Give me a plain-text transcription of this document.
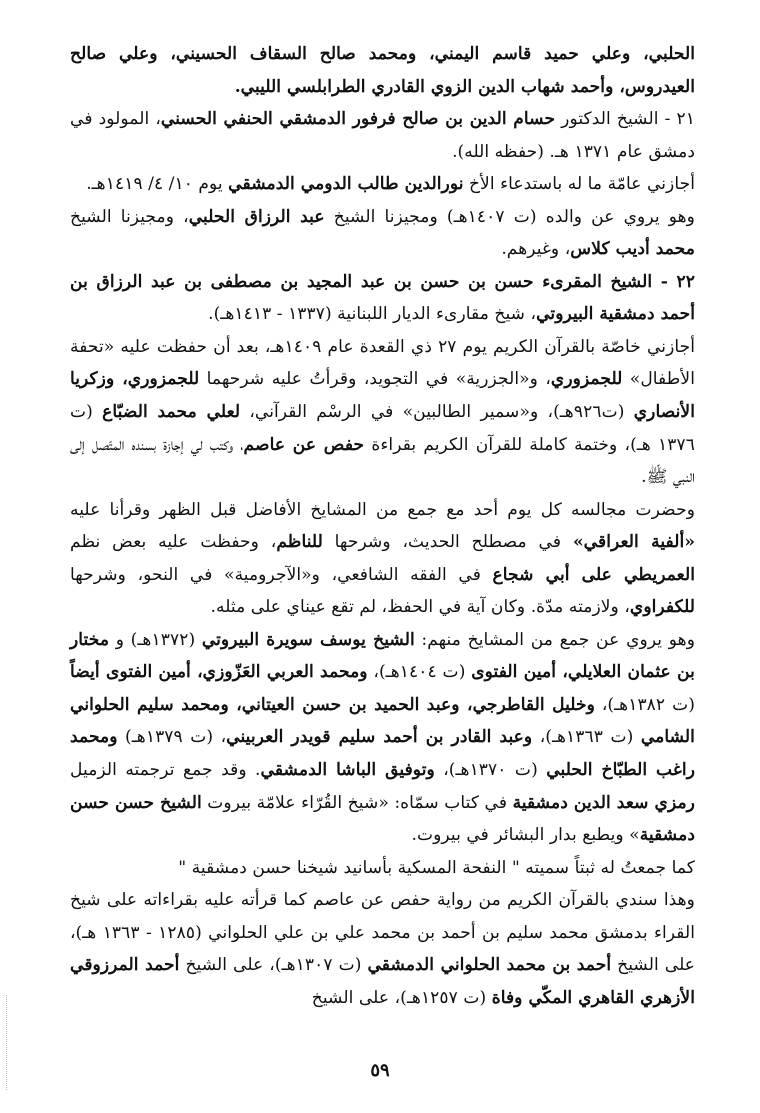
الحلبي، وعلي حميد قاسم اليمني، ومحمد صالح السقاف الحسيني، وعلي صالح العيدروس، وأحمد شهاب الدين الزوي القادري الطرابلسي الليبي.

٢١ - الشيخ الدكتور حسام الدين بن صالح فرفور الدمشقي الحنفي الحسني، المولود في دمشق عام ١٣٧١ هـ. (حفظه الله).

أجازني عامّة ما له باستدعاء الأخ نورالدين طالب الدومي الدمشقي يوم ١٠/ ٤/ ١٤١٩هـ.

وهو يروي عن والده (ت ١٤٠٧هـ) ومجيزنا الشيخ عبد الرزاق الحلبي، ومجيزنا الشيخ محمد أديب كلاس، وغيرهم.

٢٢ - الشيخ المقرىء حسن بن حسن بن عبد المجيد بن مصطفى بن عبد الرزاق بن أحمد دمشقية البيروتي، شيخ مقارىء الديار اللبنانية (١٣٣٧ - ١٤١٣هـ).

أجازني خاصّة بالقرآن الكريم يوم ٢٧ ذي القعدة عام ١٤٠٩هـ، بعد أن حفظت عليه «تحفة الأطفال» للجمزوري، و«الجزرية» في التجويد، وقرأتُ عليه شرحهما للجمزوري، وزكريا الأنصاري (ت٩٢٦هـ)، و«سمير الطالبين» في الرسْم القرآني، لعلي محمد الضبّاع (ت ١٣٧٦ هـ)، وختمة كاملة للقرآن الكريم بقراءة حفص عن عاصم، وكتب لي إجازة بسنده المتّصل إلى النبي ﷺ.

وحضرت مجالسه كل يوم أحد مع جمع من المشايخ الأفاضل قبل الظهر وقرأنا عليه «ألفية العراقي» في مصطلح الحديث، وشرحها للناظم، وحفظت عليه بعض نظم العمريطي على أبي شجاع في الفقه الشافعي، و«الآجرومية» في النحو، وشرحها للكفراوي، ولازمته مدّة. وكان آية في الحفظ، لم تقع عيناي على مثله.

وهو يروي عن جمع من المشايخ منهم: الشيخ يوسف سويرة البيروتي (١٣٧٢هـ) و مختار بن عثمان العلايلي، أمين الفتوى (ت ١٤٠٤هـ)، ومحمد العربي العَزّوزي، أمين الفتوى أيضاً (ت ١٣٨٢هـ)، وخليل القاطرجي، وعبد الحميد بن حسن العيتاني، ومحمد سليم الحلواني الشامي (ت ١٣٦٣هـ)، وعبد القادر بن أحمد سليم قويدر العربيني، (ت ١٣٧٩هـ) ومحمد راغب الطبّاخ الحلبي (ت ١٣٧٠هـ)، وتوفيق الباشا الدمشقي. وقد جمع ترجمته الزميل رمزي سعد الدين دمشقية في كتاب سمّاه: «شيخ القُرّاء علامّة بيروت الشيخ حسن حسن دمشقية» ويطبع بدار البشائر في بيروت.

كما جمعتُ له ثبتاً سميته " النفحة المسكية بأسانيد شيخنا حسن دمشقية "

وهذا سندي بالقرآن الكريم من رواية حفص عن عاصم كما قرأته عليه بقراءاته على شيخ القراء بدمشق محمد سليم بن أحمد بن محمد علي بن علي الحلواني (١٢٨٥ - ١٣٦٣ هـ)، على الشيخ أحمد بن محمد الحلواني الدمشقي (ت ١٣٠٧هـ)، على الشيخ أحمد المرزوقي الأزهري القاهري المكّي وفاة (ت ١٢٥٧هـ)، على الشيخ

٥٩
